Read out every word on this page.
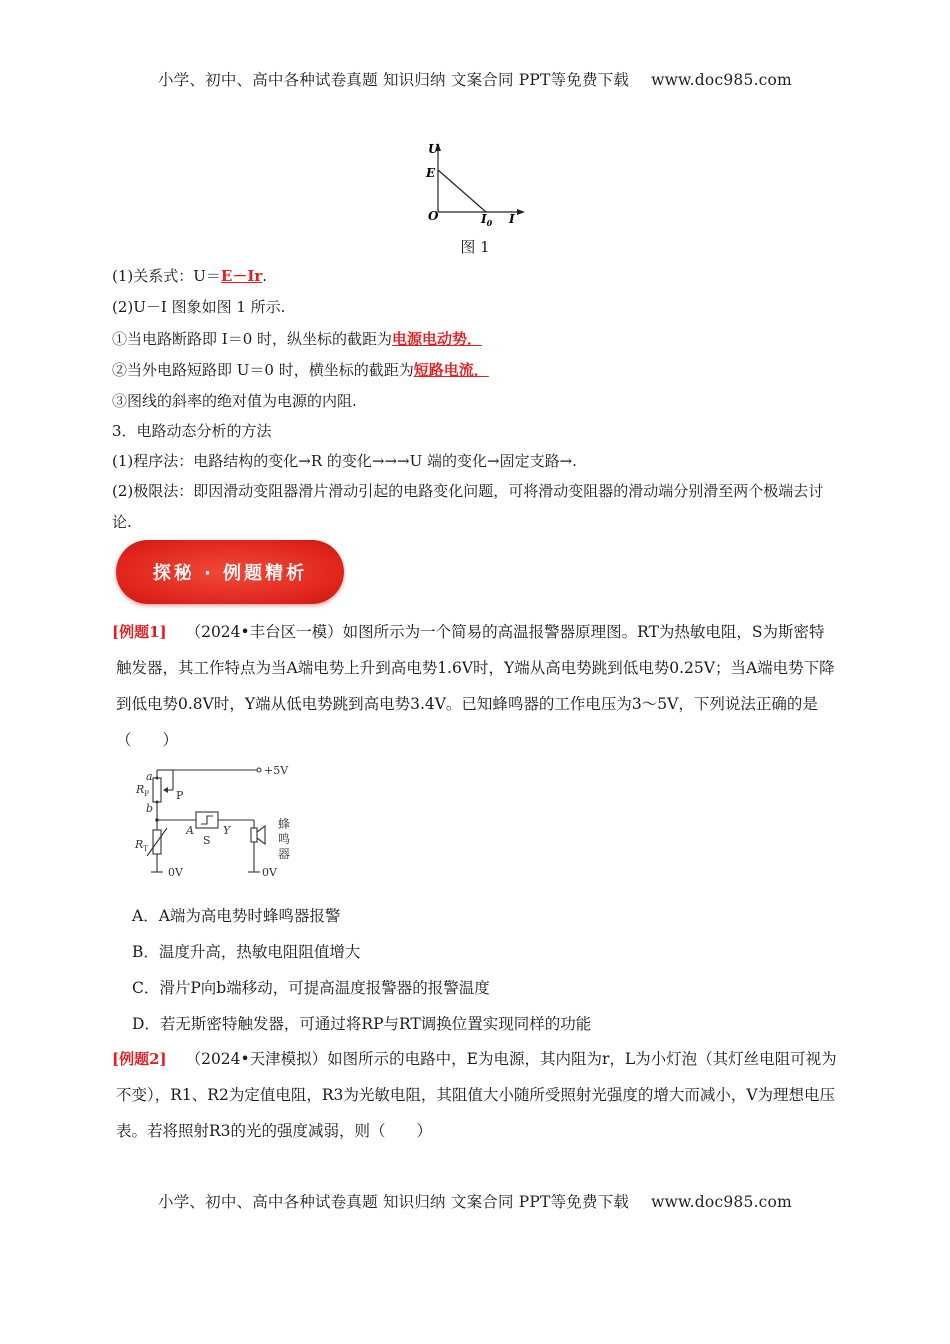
小学、初中、高中各种试卷真题 知识归纳 文案合同 PPT等免费下载 www.doc985.com
U
E
O	$I_0$ I
图 1
(1)关系式：U＝E－Ir.
(2)U－I 图象如图 1 所示.
①当电路断路即 I＝0 时，纵坐标的截距为电源电动势．
②当外电路短路即 U＝0 时，横坐标的截距为短路电流．
③图线的斜率的绝对值为电源的内阻.
3．电路动态分析的方法
(1)程序法：电路结构的变化→R 的变化→→→U 端的变化→固定支路→.
(2)极限法：即因滑动变阻器滑片滑动引起的电路变化问题，可将滑动变阻器的滑动端分别滑至两个极端去讨论.
探秘 · 例题精析
[例题1] （2024•丰台区一模）如图所示为一个简易的高温报警器原理图。RT为热敏电阻，S为斯密特触发器，其工作特点为当A端电势上升到高电势1.6V时，Y端从高电势跳到低电势0.25V；当A端电势下降到低电势0.8V时，Y端从低电势跳到高电势3.4V。已知蜂鸣器的工作电压为3～5V，下列说法正确的是（　　）
+5V
a
b
$R_P$ P
$R_T$
A
S
Y	蜂
鸣
器
0V	0V
A．A端为高电势时蜂鸣器报警
B．温度升高，热敏电阻阻值增大
C．滑片P向b端移动，可提高温度报警器的报警温度
D．若无斯密特触发器，可通过将RP与RT调换位置实现同样的功能
[例题2] （2024•天津模拟）如图所示的电路中，E为电源，其内阻为r，L为小灯泡（其灯丝电阻可视为不变），R1、R2为定值电阻，R3为光敏电阻，其阻值大小随所受照射光强度的增大而减小，V为理想电压表。若将照射R3的光的强度减弱，则（　　）
小学、初中、高中各种试卷真题 知识归纳 文案合同 PPT等免费下载 www.doc985.com
